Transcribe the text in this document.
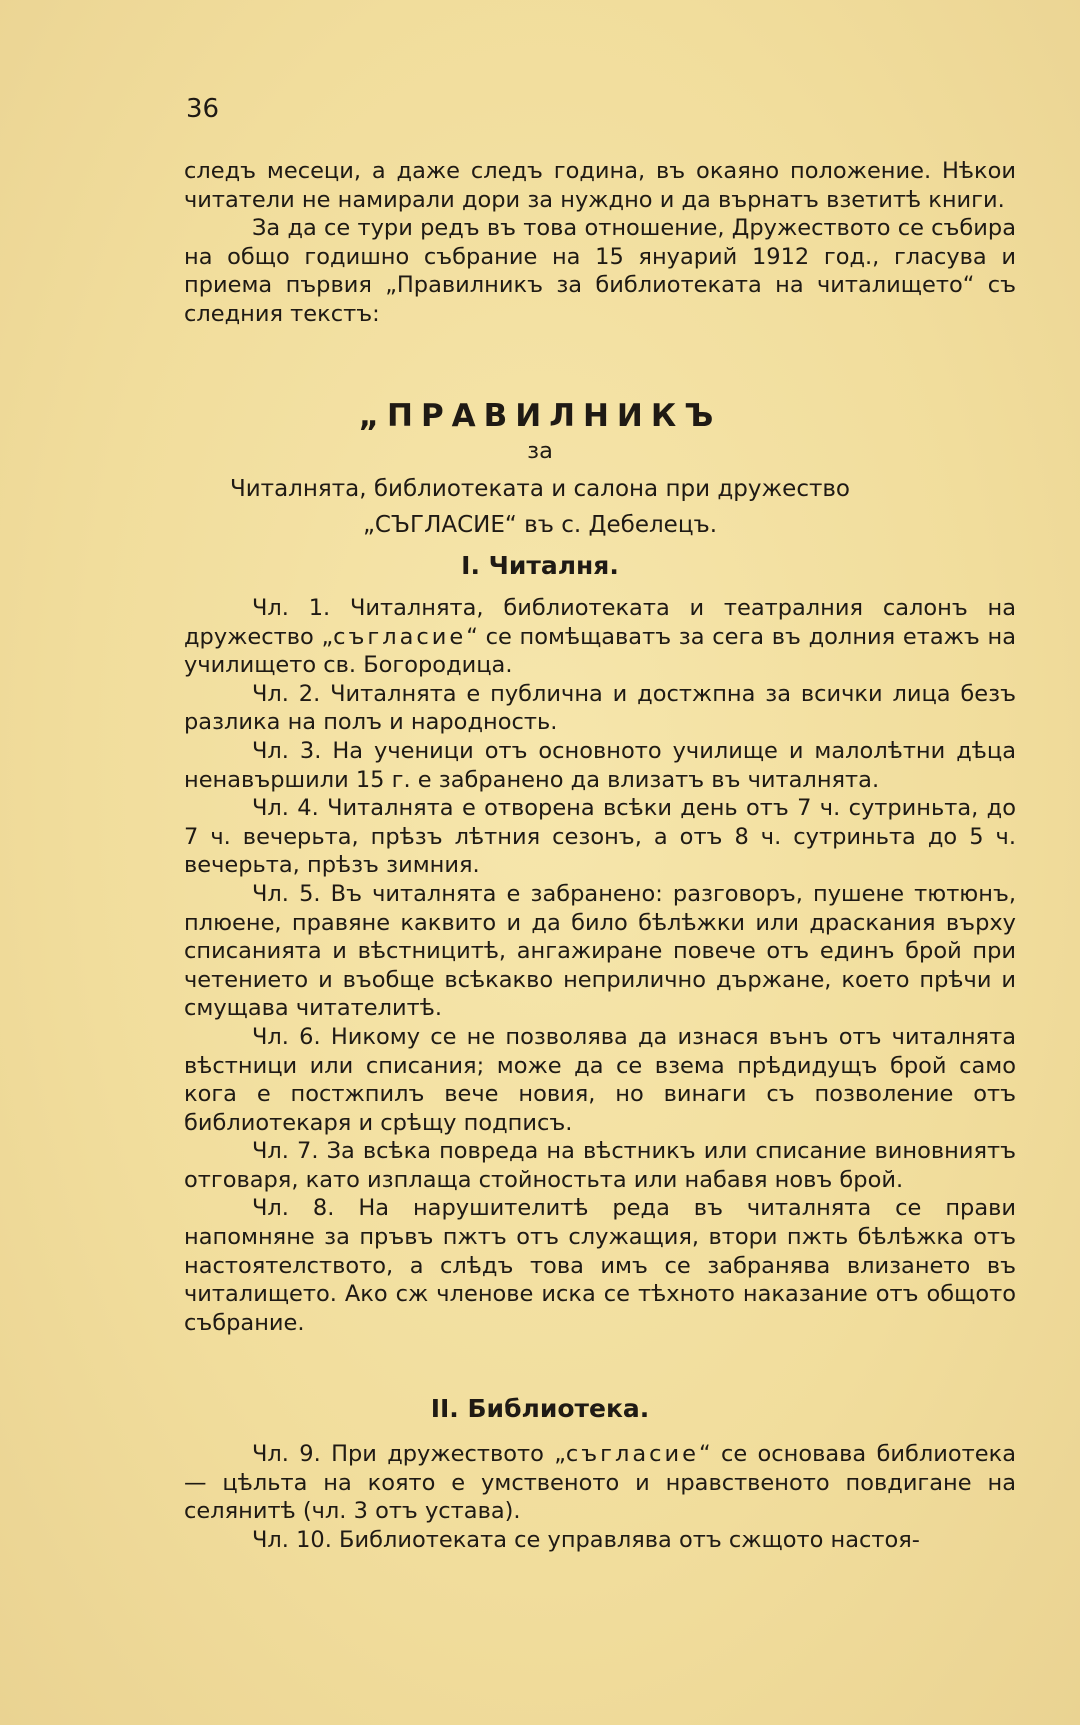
36

следъ месеци, а даже следъ година, въ окаяно положение. Нѣкои читатели не намирали дори за нуждно и да върнатъ взетитѣ книги.

За да се тури редъ въ това отношение, Дружеството се събира на общо годишно събрание на 15 януарий 1912 год., гласува и приема първия „Правилникъ за библиотеката на читалището“ съ следния текстъ:

„ПРАВИЛНИКЪ
за
Читалнята, библиотеката и салона при дружество
„СЪГЛАСИЕ“ въ с. Дебелецъ.
I. Читалня.

Чл. 1. Читалнята, библиотеката и театралния салонъ на дружество „съгласие“ се помѣщаватъ за сега въ долния етажъ на училището св. Богородица.

Чл. 2. Читалнята е публична и достжпна за всички лица безъ разлика на полъ и народность.

Чл. 3. На ученици отъ основното училище и малолѣтни дѣца ненавършили 15 г. е забранено да влизатъ въ читалнята.

Чл. 4. Читалнята е отворена всѣки день отъ 7 ч. сутриньта, до 7 ч. вечерьта, прѣзъ лѣтния сезонъ, а отъ 8 ч. сутриньта до 5 ч. вечерьта, прѣзъ зимния.

Чл. 5. Въ читалнята е забранено: разговоръ, пушене тютюнъ, плюене, правяне каквито и да било бѣлѣжки или драскания върху списанията и вѣстницитѣ, ангажиране повече отъ единъ брой при четението и въобще всѣкакво неприлично държане, което прѣчи и смущава читателитѣ.

Чл. 6. Никому се не позволява да изнася вънъ отъ читалнята вѣстници или списания; може да се взема прѣдидущъ брой само кога е постжпилъ вече новия, но винаги съ позволение отъ библиотекаря и срѣщу подписъ.

Чл. 7. За всѣка повреда на вѣстникъ или списание виновниятъ отговаря, като изплаща стойностьта или набавя новъ брой.

Чл. 8. На нарушителитѣ реда въ читалнята се прави напомняне за пръвъ пжтъ отъ служащия, втори пжть бѣлѣжка отъ настоятелството, а слѣдъ това имъ се забранява влизането въ читалището. Ако сж членове иска се тѣхното наказание отъ общото събрание.

II. Библиотека.

Чл. 9. При дружеството „съгласие“ се основава библиотека — цѣльта на която е умственото и нравственото повдигане на селянитѣ (чл. 3 отъ устава).

Чл. 10. Библиотеката се управлява отъ сжщото настоя-
